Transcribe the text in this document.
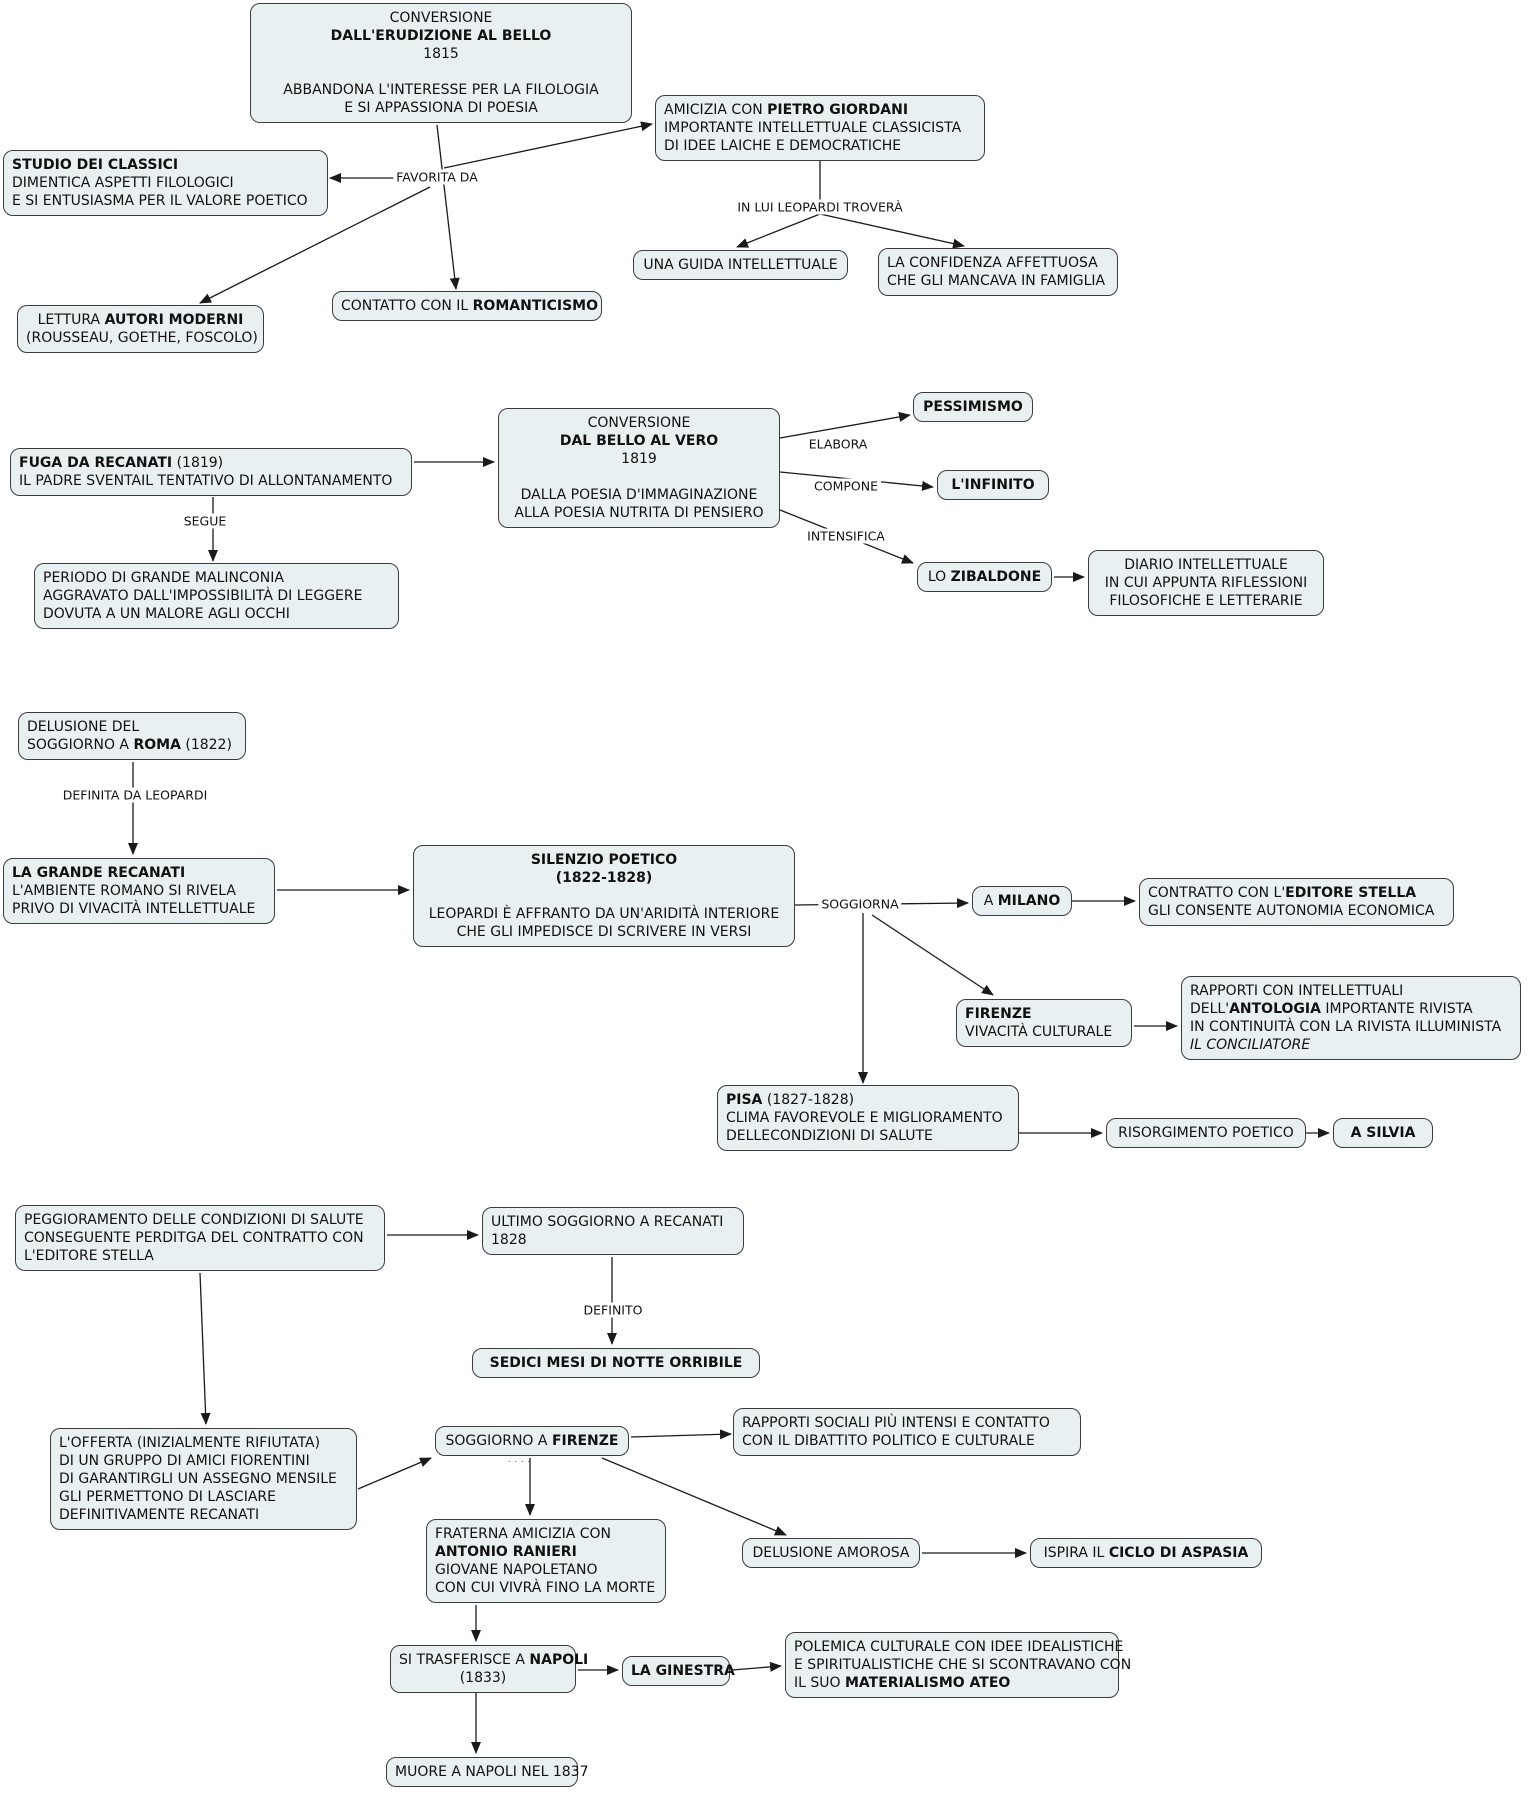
CONVERSIONE
DALL'ERUDIZIONE AL BELLO
1815

ABBANDONA L'INTERESSE PER LA FILOLOGIA
E SI APPASSIONA DI POESIA	AMICIZIA CON PIETRO GIORDANI
IMPORTANTE INTELLETTUALE CLASSICISTA
DI IDEE LAICHE E DEMOCRATICHE
STUDIO DEI CLASSICI
DIMENTICA ASPETTI FILOLOGICI
E SI ENTUSIASMA PER IL VALORE POETICO
LETTURA AUTORI MODERNI
(ROUSSEAU, GOETHE, FOSCOLO)
CONTATTO CON IL ROMANTICISMO
UNA GUIDA INTELLETTUALE	LA CONFIDENZA AFFETTUOSA
CHE GLI MANCAVA IN FAMIGLIA
FUGA DA RECANATI (1819)
IL PADRE SVENTAIL TENTATIVO DI ALLONTANAMENTO
CONVERSIONE
DAL BELLO AL VERO
1819

DALLA POESIA D'IMMAGINAZIONE
ALLA POESIA NUTRITA DI PENSIERO
PERIODO DI GRANDE MALINCONIA
AGGRAVATO DALL'IMPOSSIBILITÀ DI LEGGERE
DOVUTA A UN MALORE AGLI OCCHI
PESSIMISMO
L'INFINITO
LO ZIBALDONE
DIARIO INTELLETTUALE
IN CUI APPUNTA RIFLESSIONI
FILOSOFICHE E LETTERARIE
DELUSIONE DEL
SOGGIORNO A ROMA (1822)
LA GRANDE RECANATI
L'AMBIENTE ROMANO SI RIVELA
PRIVO DI VIVACITÀ INTELLETTUALE
SILENZIO POETICO
(1822-1828)

LEOPARDI È AFFRANTO DA UN'ARIDITÀ INTERIORE
CHE GLI IMPEDISCE DI SCRIVERE IN VERSI
A MILANO	CONTRATTO CON L'EDITORE STELLA
GLI CONSENTE AUTONOMIA ECONOMICA
FIRENZE
VIVACITÀ CULTURALE
RAPPORTI CON INTELLETTUALI
DELL'ANTOLOGIA IMPORTANTE RIVISTA
IN CONTINUITÀ CON LA RIVISTA ILLUMINISTA
IL CONCILIATORE
PISA (1827-1828)
CLIMA FAVOREVOLE E MIGLIORAMENTO
DELLECONDIZIONI DI SALUTE	RISORGIMENTO POETICO	A SILVIA
PEGGIORAMENTO DELLE CONDIZIONI DI SALUTE
CONSEGUENTE PERDITGA DEL CONTRATTO CON
L'EDITORE STELLA
ULTIMO SOGGIORNO A RECANATI
1828
SEDICI MESI DI NOTTE ORRIBILE
L'OFFERTA (INIZIALMENTE RIFIUTATA)
DI UN GRUPPO DI AMICI FIORENTINI
DI GARANTIRGLI UN ASSEGNO MENSILE
GLI PERMETTONO DI LASCIARE
DEFINITIVAMENTE RECANATI
SOGGIORNO A FIRENZE
FRATERNA AMICIZIA CON
ANTONIO RANIERI
GIOVANE NAPOLETANO
CON CUI VIVRÀ FINO LA MORTE
RAPPORTI SOCIALI PIÙ INTENSI E CONTATTO
CON IL DIBATTITO POLITICO E CULTURALE
DELUSIONE AMOROSA	ISPIRA IL CICLO DI ASPASIA
SI TRASFERISCE A NAPOLI
(1833)	LA GINESTRA
POLEMICA CULTURALE CON IDEE IDEALISTICHE
E SPIRITUALISTICHE CHE SI SCONTRAVANO CON
IL SUO MATERIALISMO ATEO
MUORE A NAPOLI NEL 1837
FAVORITA DA
IN LUI LEOPARDI TROVERÀ
SEGUE
ELABORA
COMPONE
INTENSIFICA
DEFINITA DA LEOPARDI
SOGGIORNA
DEFINITO
····
